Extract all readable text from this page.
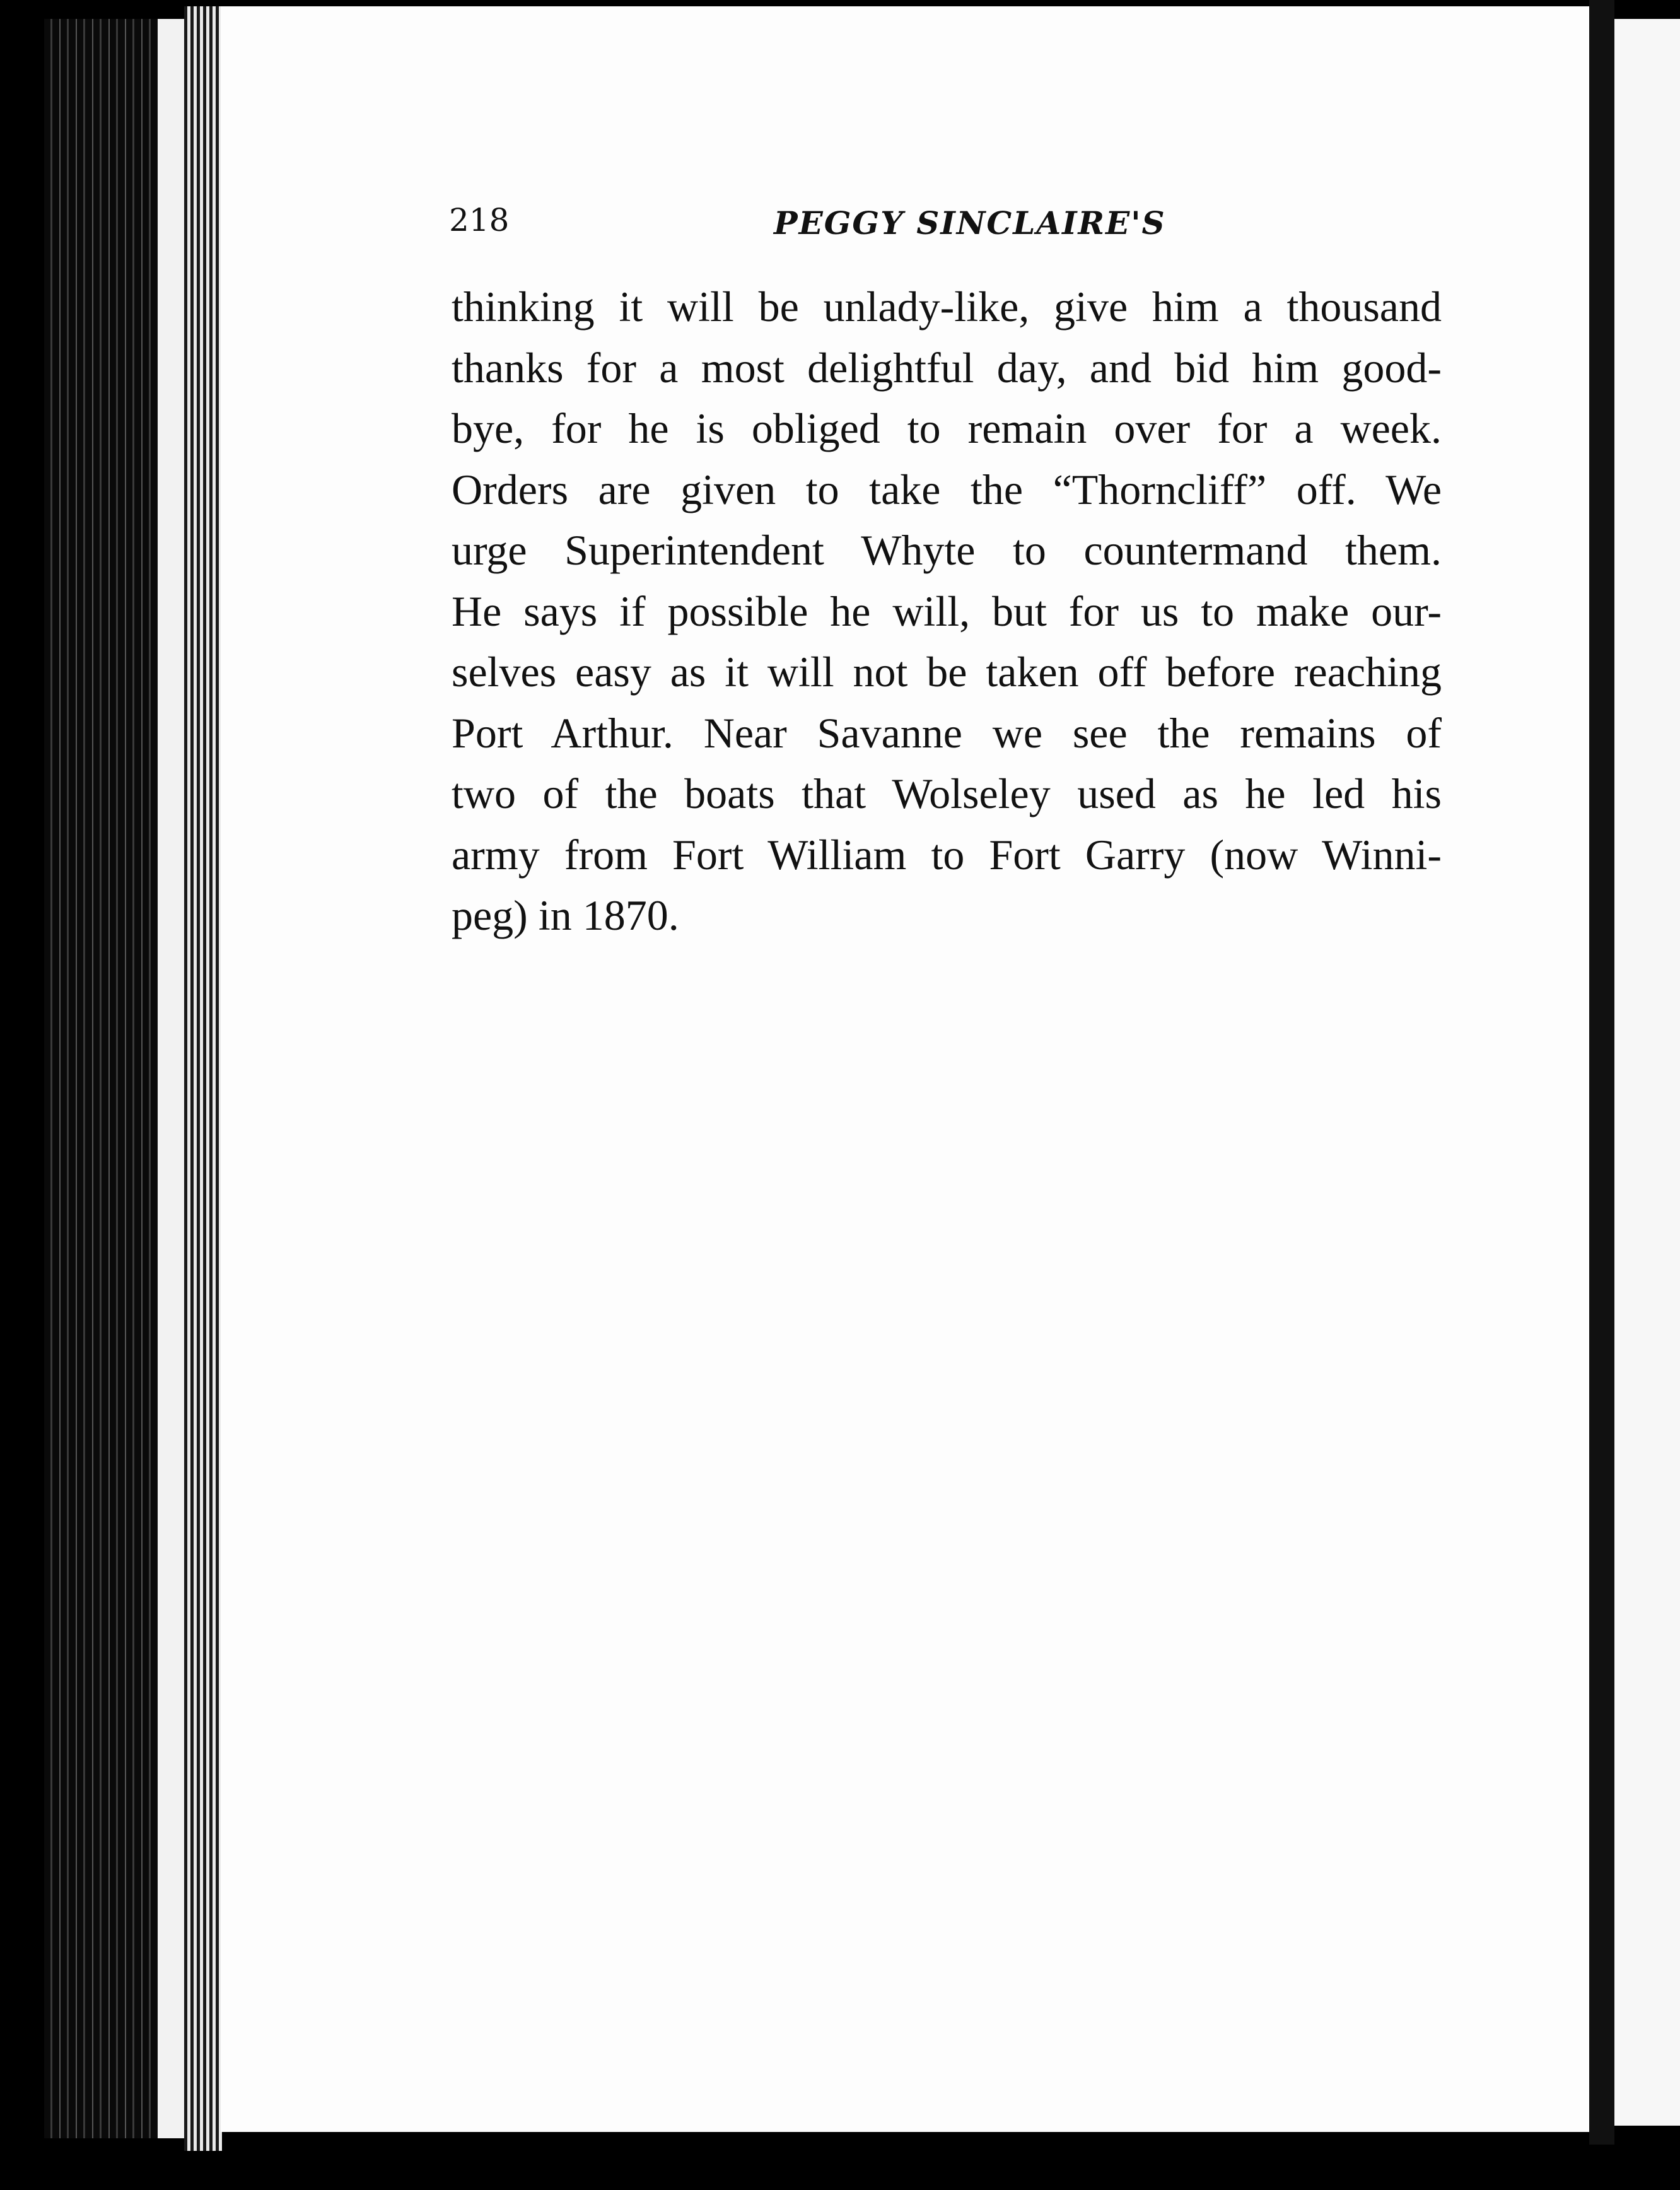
218	PEGGY SINCLAIRE'S
thinking it will be unlady-like, give him a thousand
thanks for a most delightful day, and bid him good-
bye, for he is obliged to remain over for a week.
Orders are given to take the “Thorncliff” off. We
urge Superintendent Whyte to countermand them.
He says if possible he will, but for us to make our-
selves easy as it will not be taken off before reaching
Port Arthur. Near Savanne we see the remains of
two of the boats that Wolseley used as he led his
army from Fort William to Fort Garry (now Winni-
peg) in 1870.
